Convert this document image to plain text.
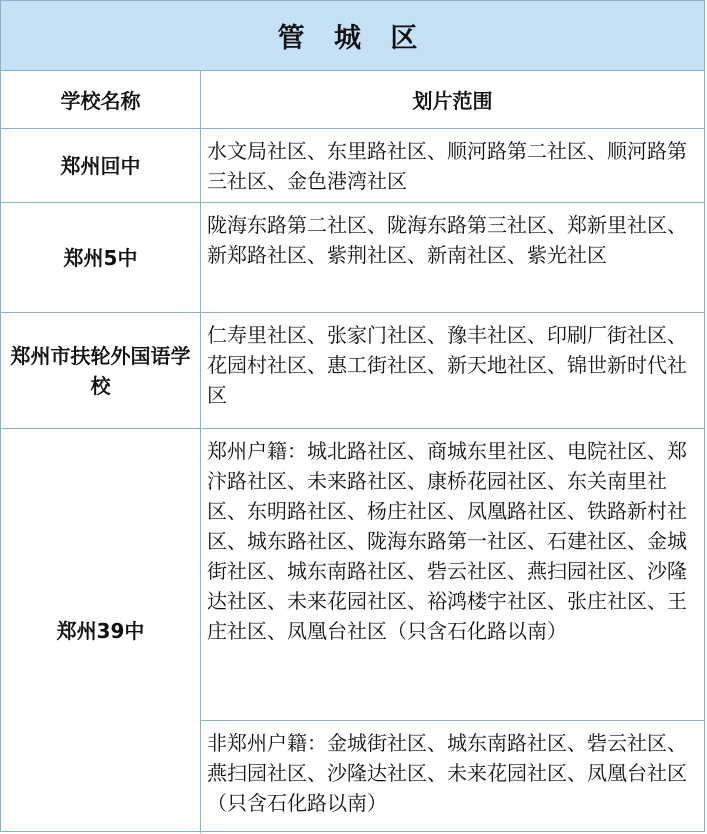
管 城 区
学校名称	划片范围
郑州回中
水文局社区、东里路社区、顺河路第二社区、顺河路第三社区、金色港湾社区
郑州5中
陇海东路第二社区、陇海东路第三社区、郑新里社区、新郑路社区、紫荆社区、新南社区、紫光社区
郑州市扶轮外国语学校
仁寿里社区、张家门社区、豫丰社区、印刷厂街社区、花园村社区、惠工街社区、新天地社区、锦世新时代社区
郑州39中
郑州户籍：城北路社区、商城东里社区、电院社区、郑汴路社区、未来路社区、康桥花园社区、东关南里社区、东明路社区、杨庄社区、凤凰路社区、铁路新村社区、城东路社区、陇海东路第一社区、石建社区、金城街社区、城东南路社区、砦云社区、燕扫园社区、沙隆达社区、未来花园社区、裕鸿楼宇社区、张庄社区、王庄社区、凤凰台社区（只含石化路以南）
非郑州户籍：金城街社区、城东南路社区、砦云社区、燕扫园社区、沙隆达社区、未来花园社区、凤凰台社区（只含石化路以南）
